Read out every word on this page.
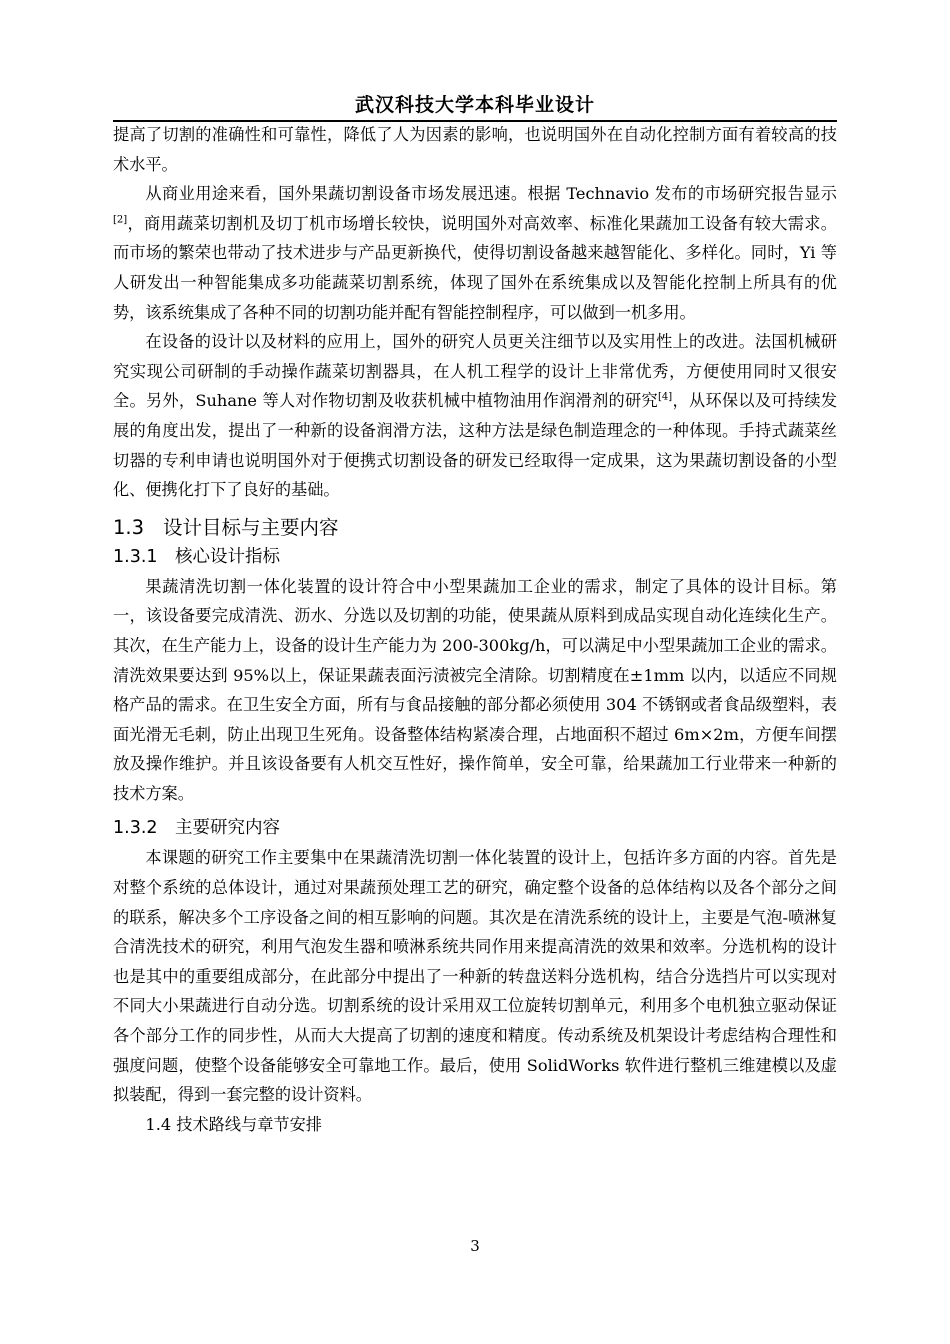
武汉科技大学本科毕业设计

提高了切割的准确性和可靠性，降低了人为因素的影响，也说明国外在自动化控制方面有着较高的技术水平。

从商业用途来看，国外果蔬切割设备市场发展迅速。根据 Technavio 发布的市场研究报告显示[2]，商用蔬菜切割机及切丁机市场增长较快，说明国外对高效率、标准化果蔬加工设备有较大需求。而市场的繁荣也带动了技术进步与产品更新换代，使得切割设备越来越智能化、多样化。同时，Yi 等人研发出一种智能集成多功能蔬菜切割系统，体现了国外在系统集成以及智能化控制上所具有的优势，该系统集成了各种不同的切割功能并配有智能控制程序，可以做到一机多用。

在设备的设计以及材料的应用上，国外的研究人员更关注细节以及实用性上的改进。法国机械研究实现公司研制的手动操作蔬菜切割器具，在人机工程学的设计上非常优秀，方便使用同时又很安全。另外，Suhane 等人对作物切割及收获机械中植物油用作润滑剂的研究[4]，从环保以及可持续发展的角度出发，提出了一种新的设备润滑方法，这种方法是绿色制造理念的一种体现。手持式蔬菜丝切器的专利申请也说明国外对于便携式切割设备的研发已经取得一定成果，这为果蔬切割设备的小型化、便携化打下了良好的基础。

1.3 设计目标与主要内容
1.3.1 核心设计指标

果蔬清洗切割一体化装置的设计符合中小型果蔬加工企业的需求，制定了具体的设计目标。第一，该设备要完成清洗、沥水、分选以及切割的功能，使果蔬从原料到成品实现自动化连续化生产。其次，在生产能力上，设备的设计生产能力为 200-300kg/h，可以满足中小型果蔬加工企业的需求。清洗效果要达到 95%以上，保证果蔬表面污渍被完全清除。切割精度在±1mm 以内，以适应不同规格产品的需求。在卫生安全方面，所有与食品接触的部分都必须使用 304 不锈钢或者食品级塑料，表面光滑无毛刺，防止出现卫生死角。设备整体结构紧凑合理，占地面积不超过 6m×2m，方便车间摆放及操作维护。并且该设备要有人机交互性好，操作简单，安全可靠，给果蔬加工行业带来一种新的技术方案。

1.3.2 主要研究内容

本课题的研究工作主要集中在果蔬清洗切割一体化装置的设计上，包括许多方面的内容。首先是对整个系统的总体设计，通过对果蔬预处理工艺的研究，确定整个设备的总体结构以及各个部分之间的联系，解决多个工序设备之间的相互影响的问题。其次是在清洗系统的设计上，主要是气泡-喷淋复合清洗技术的研究，利用气泡发生器和喷淋系统共同作用来提高清洗的效果和效率。分选机构的设计也是其中的重要组成部分，在此部分中提出了一种新的转盘送料分选机构，结合分选挡片可以实现对不同大小果蔬进行自动分选。切割系统的设计采用双工位旋转切割单元，利用多个电机独立驱动保证各个部分工作的同步性，从而大大提高了切割的速度和精度。传动系统及机架设计考虑结构合理性和强度问题，使整个设备能够安全可靠地工作。最后，使用 SolidWorks 软件进行整机三维建模以及虚拟装配，得到一套完整的设计资料。

1.4 技术路线与章节安排

3
